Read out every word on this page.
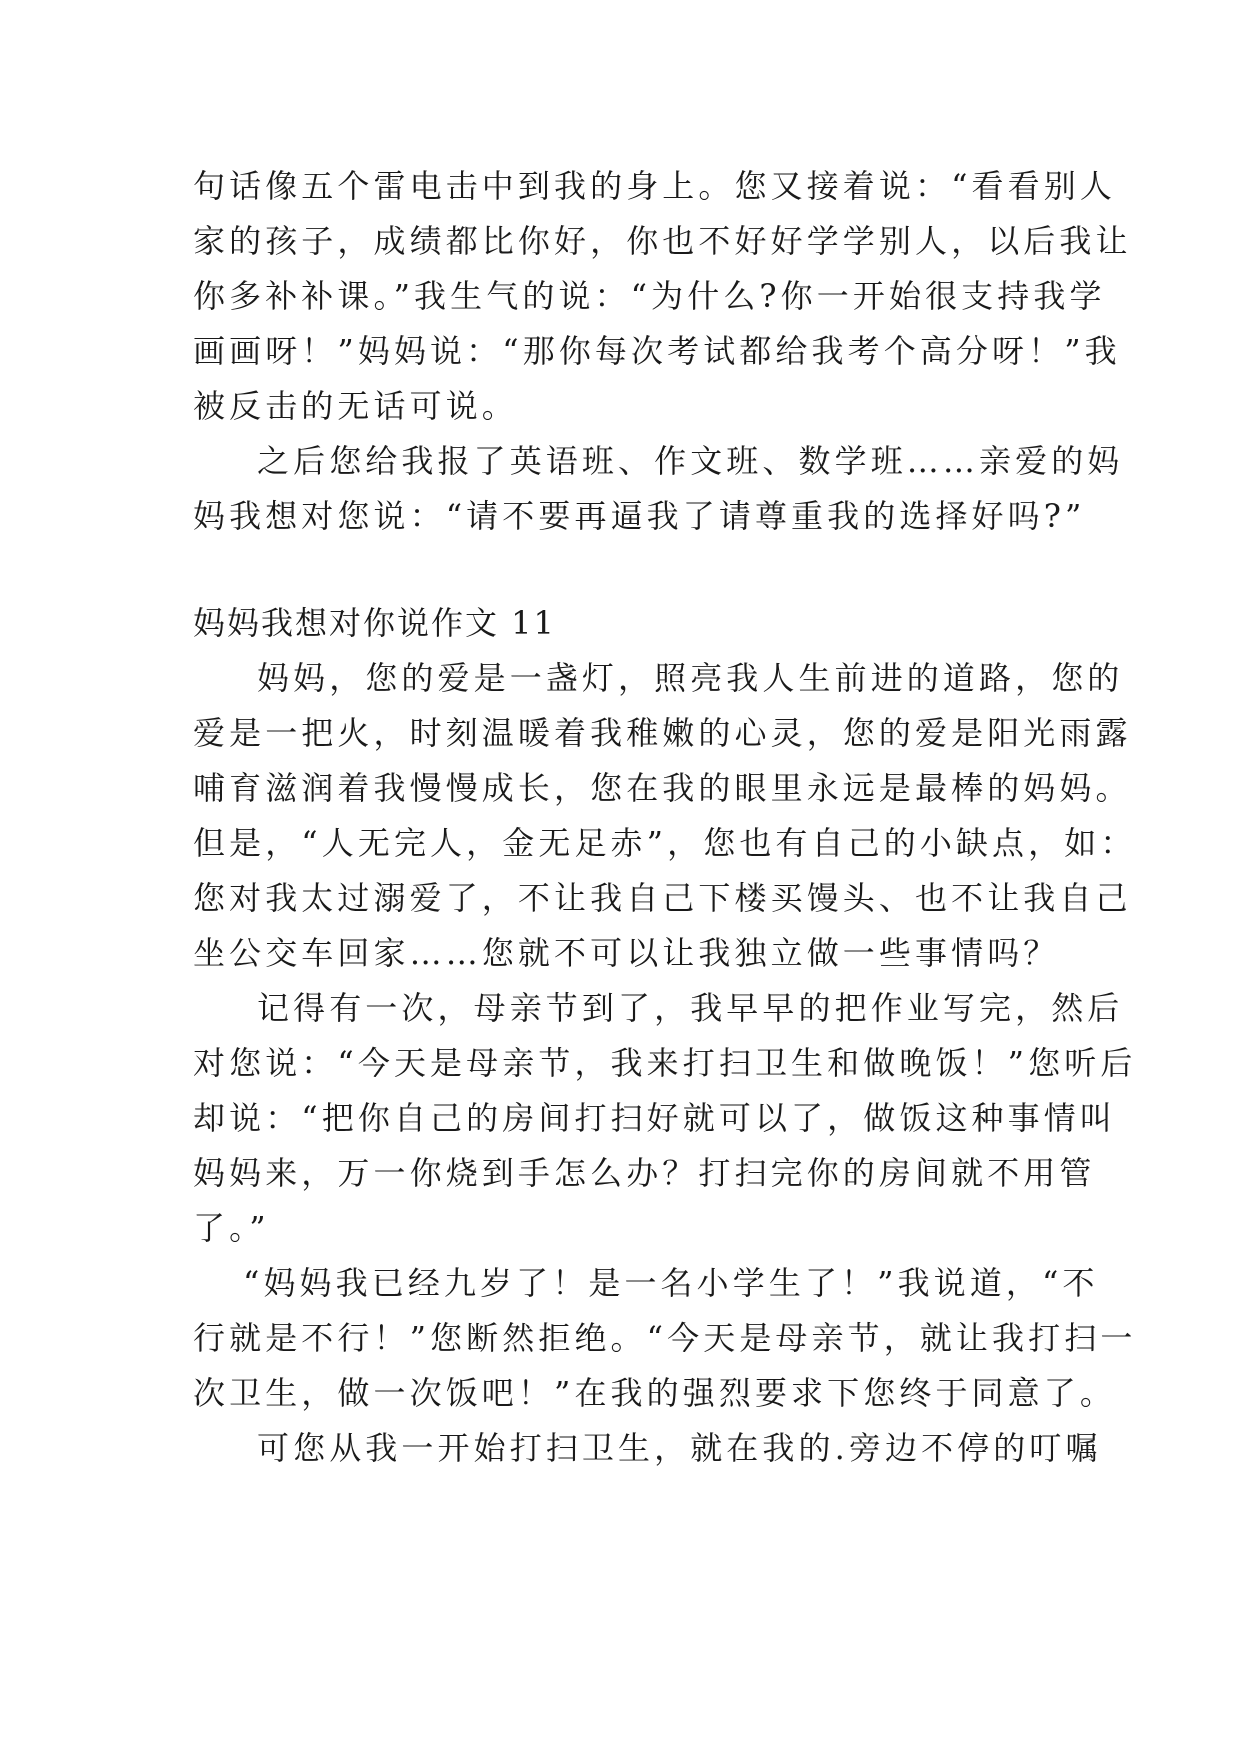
句话像五个雷电击中到我的身上。您又接着说：“看看别人
家的孩子，成绩都比你好，你也不好好学学别人，以后我让
你多补补课。”我生气的说：“为什么?你一开始很支持我学
画画呀！”妈妈说：“那你每次考试都给我考个高分呀！”我
被反击的无话可说。
之后您给我报了英语班、作文班、数学班……亲爱的妈
妈我想对您说：“请不要再逼我了请尊重我的选择好吗?”
妈妈我想对你说作文 11
妈妈，您的爱是一盏灯，照亮我人生前进的道路，您的
爱是一把火，时刻温暖着我稚嫩的心灵，您的爱是阳光雨露
哺育滋润着我慢慢成长，您在我的眼里永远是最棒的妈妈。
但是，“人无完人，金无足赤”，您也有自己的小缺点，如：
您对我太过溺爱了，不让我自己下楼买馒头、也不让我自己
坐公交车回家……您就不可以让我独立做一些事情吗？
记得有一次，母亲节到了，我早早的把作业写完，然后
对您说：“今天是母亲节，我来打扫卫生和做晚饭！”您听后
却说：“把你自己的房间打扫好就可以了，做饭这种事情叫
妈妈来，万一你烧到手怎么办？打扫完你的房间就不用管
了。”
“妈妈我已经九岁了！是一名小学生了！”我说道，“不
行就是不行！”您断然拒绝。“今天是母亲节，就让我打扫一
次卫生，做一次饭吧！”在我的强烈要求下您终于同意了。
可您从我一开始打扫卫生，就在我的.旁边不停的叮嘱
